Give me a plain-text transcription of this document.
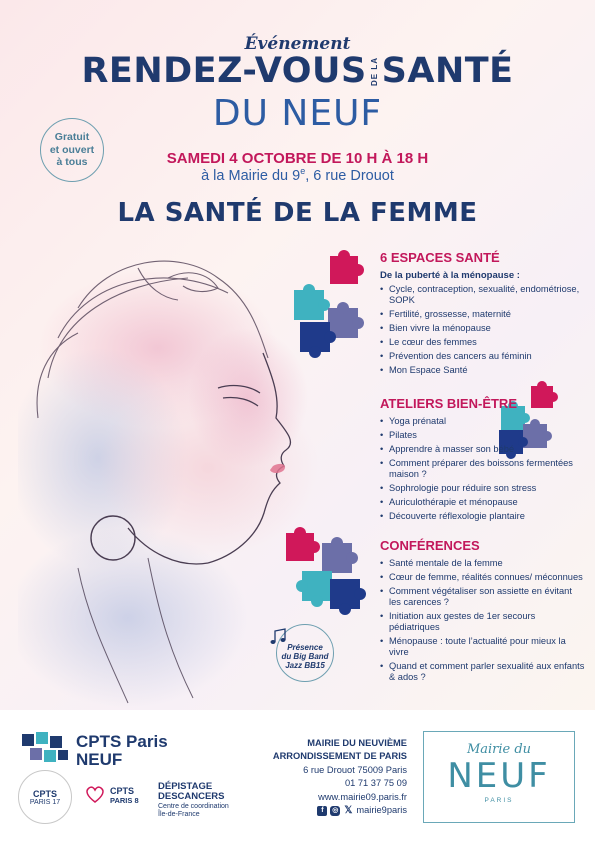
Événement
RENDEZ-VOUS DE LA SANTÉ
DU NEUF
Gratuit
et ouvert
à tous	SAMEDI 4 OCTOBRE DE 10 H À 18 H
à la Mairie du 9e, 6 rue Drouot
LA SANTÉ DE LA FEMME
6 ESPACES SANTÉ
De la puberté à la ménopause :
• Cycle, contraception, sexualité, endométriose, SOPK
• Fertilité, grossesse, maternité
• Bien vivre la ménopause
• Le cœur des femmes
• Prévention des cancers au féminin
• Mon Espace Santé
ATELIERS BIEN-ÊTRE
• Yoga prénatal
• Pilates
• Apprendre à masser son bébé
• Comment préparer des boissons fermentées maison ?
• Sophrologie pour réduire son stress
• Auriculothérapie et ménopause
• Découverte réflexologie plantaire
CONFÉRENCES
• Santé mentale de la femme
• Cœur de femme, réalités connues/ méconnues
• Comment végétaliser son assiette en évitant les carences ?
• Initiation aux gestes de 1er secours pédiatriques
• Ménopause : toute l’actualité pour mieux la vivre
• Quand et comment parler sexualité aux enfants & ados ?
Présence
du Big Band
Jazz BB15
CPTS Paris
NEUF
CPTS
PARIS 17
CPTS
PARIS 8
DÉPISTAGE
DESCANCERS
Centre de coordination
Île-de-France
MAIRIE DU NEUVIÈME
ARRONDISSEMENT DE PARIS
6 rue Drouot 75009 Paris
01 71 37 75 09
www.mairie09.paris.fr
f	◎ 𝕏 mairie9paris
Mairie du
NEUF
PARIS
